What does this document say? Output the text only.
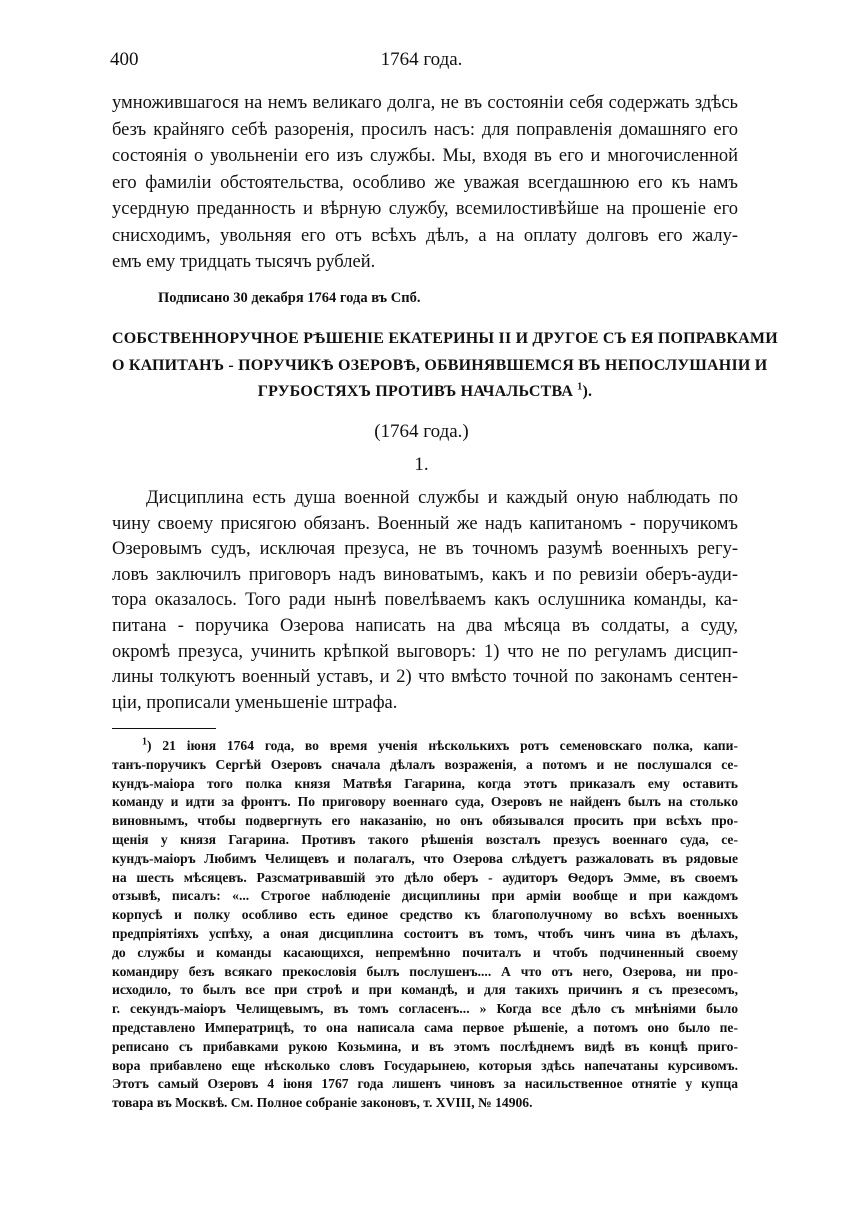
400	1764 года.
умножившагося на немъ великаго долга, не въ состояніи себя содержать здѣсь
безъ крайняго себѣ разоренія, просилъ насъ: для поправленія домашняго его
состоянія о увольненіи его изъ службы. Мы, входя въ его и многочисленной
его фамиліи обстоятельства, особливо же уважая всегдашнюю его къ намъ
усердную преданность и вѣрную службу, всемилостивѣйше на прошеніе его
снисходимъ, увольняя его отъ всѣхъ дѣлъ, а на оплату долговъ его жалу-
емъ ему тридцать тысячъ рублей.
Подписано 30 декабря 1764 года въ Спб.
СОБСТВЕННОРУЧНОЕ РѢШЕНІЕ ЕКАТЕРИНЫ II И ДРУГОЕ СЪ ЕЯ ПОПРАВКАМИ
О КАПИТАНЪ - ПОРУЧИКѢ ОЗЕРОВѢ, ОБВИНЯВШЕМСЯ ВЪ НЕПОСЛУШАНІИ И
ГРУБОСТЯХЪ ПРОТИВЪ НАЧАЛЬСТВА $^1$).
(1764 года.)
1.
Дисциплина есть душа военной службы и каждый оную наблюдать по
чину своему присягою обязанъ. Военный же надъ капитаномъ - поручикомъ
Озеровымъ судъ, исключая презуса, не въ точномъ разумѣ военныхъ регу-
ловъ заключилъ приговоръ надъ виноватымъ, какъ и по ревизіи оберъ-ауди-
тора оказалось. Того ради нынѣ повелѣваемъ какъ ослушника команды, ка-
питана - поручика Озерова написать на два мѣсяца въ солдаты, а суду,
окромѣ презуса, учинить крѣпкой выговоръ: 1) что не по регуламъ дисцип-
лины толкуютъ военный уставъ, и 2) что вмѣсто точной по законамъ сентен-
ціи, прописали уменьшеніе штрафа.
$^1$) 21 іюня 1764 года, во время ученія нѣсколькихъ ротъ семеновскаго полка, капи-
танъ-поручикъ Сергѣй Озеровъ сначала дѣлалъ возраженія, а потомъ и не послушался се-
кундъ-маіора того полка князя Матвѣя Гагарина, когда этотъ приказалъ ему оставить
команду и идти за фронтъ. По приговору военнаго суда, Озеровъ не найденъ былъ на столько
виновнымъ, чтобы подвергнуть его наказанію, но онъ обязывался просить при всѣхъ про-
щенія у князя Гагарина. Противъ такого рѣшенія возсталъ презусъ военнаго суда, се-
кундъ-маіоръ Любимъ Челищевъ и полагалъ, что Озерова слѣдуетъ разжаловать въ рядовые
на шесть мѣсяцевъ. Разсматривавшій это дѣло оберъ - аудиторъ Ѳедоръ Эмме, въ своемъ
отзывѣ, писалъ: «... Строгое наблюденіе дисциплины при арміи вообще и при каждомъ
корпусѣ и полку особливо есть единое средство къ благополучному во всѣхъ военныхъ
предпріятіяхъ успѣху, а оная дисциплина состоитъ въ томъ, чтобъ чинъ чина въ дѣлахъ,
до службы и команды касающихся, непремѣнно почиталъ и чтобъ подчиненный своему
командиру безъ всякаго прекословія былъ послушенъ.... А что отъ него, Озерова, ни про-
исходило, то былъ все при строѣ и при командѣ, и для такихъ причинъ я съ презесомъ,
г. секундъ-маіоръ Челищевымъ, въ томъ согласенъ... » Когда все дѣло съ мнѣніями было
представлено Императрицѣ, то она написала сама первое рѣшеніе, а потомъ оно было пе-
реписано съ прибавками рукою Козьмина, и въ этомъ послѣднемъ видѣ въ концѣ приго-
вора прибавлено еще нѣсколько словъ Государынею, которыя здѣсь напечатаны курсивомъ.
Этотъ самый Озеровъ 4 іюня 1767 года лишенъ чиновъ за насильственное отнятіе у купца
товара въ Москвѣ. См. Полное собраніе законовъ, т. XVIII, № 14906.
